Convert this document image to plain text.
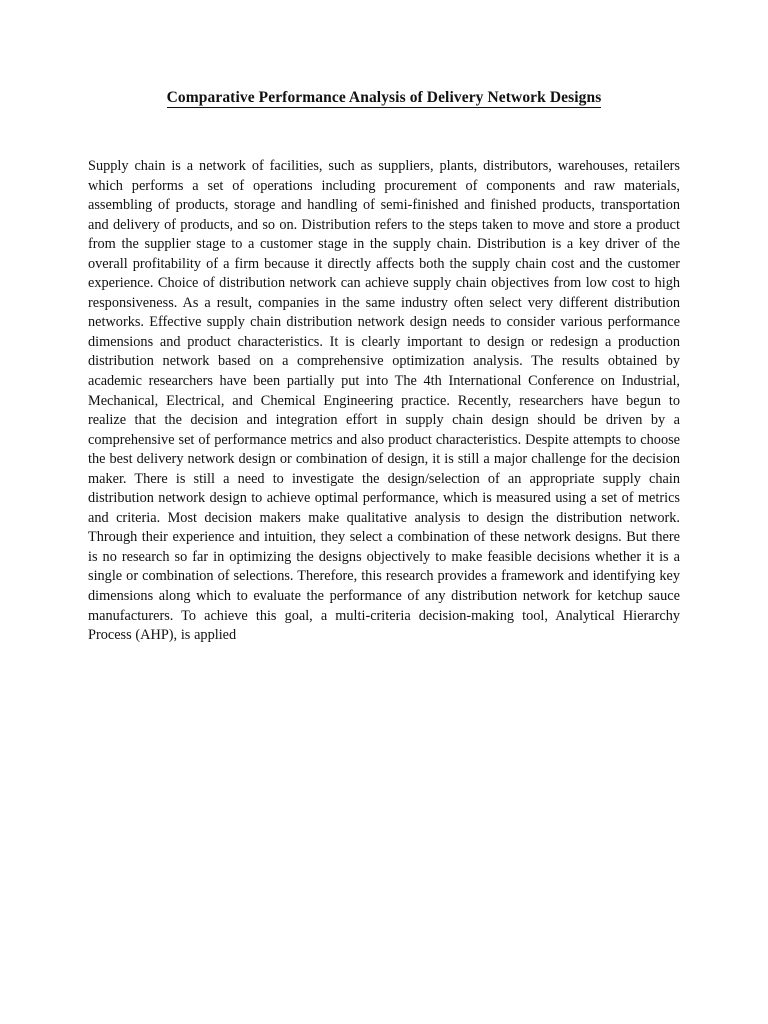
Comparative Performance Analysis of Delivery Network Designs

Supply chain is a network of facilities, such as suppliers, plants, distributors, warehouses, retailers which performs a set of operations including procurement of components and raw materials, assembling of products, storage and handling of semi-finished and finished products, transportation and delivery of products, and so on. Distribution refers to the steps taken to move and store a product from the supplier stage to a customer stage in the supply chain. Distribution is a key driver of the overall profitability of a firm because it directly affects both the supply chain cost and the customer experience. Choice of distribution network can achieve supply chain objectives from low cost to high responsiveness. As a result, companies in the same industry often select very different distribution networks. Effective supply chain distribution network design needs to consider various performance dimensions and product characteristics. It is clearly important to design or redesign a production distribution network based on a comprehensive optimization analysis. The results obtained by academic researchers have been partially put into The 4th International Conference on Industrial, Mechanical, Electrical, and Chemical Engineering practice. Recently, researchers have begun to realize that the decision and integration effort in supply chain design should be driven by a comprehensive set of performance metrics and also product characteristics. Despite attempts to choose the best delivery network design or combination of design, it is still a major challenge for the decision maker. There is still a need to investigate the design/selection of an appropriate supply chain distribution network design to achieve optimal performance, which is measured using a set of metrics and criteria. Most decision makers make qualitative analysis to design the distribution network. Through their experience and intuition, they select a combination of these network designs. But there is no research so far in optimizing the designs objectively to make feasible decisions whether it is a single or combination of selections. Therefore, this research provides a framework and identifying key dimensions along which to evaluate the performance of any distribution network for ketchup sauce manufacturers. To achieve this goal, a multi-criteria decision-making tool, Analytical Hierarchy Process (AHP), is applied
